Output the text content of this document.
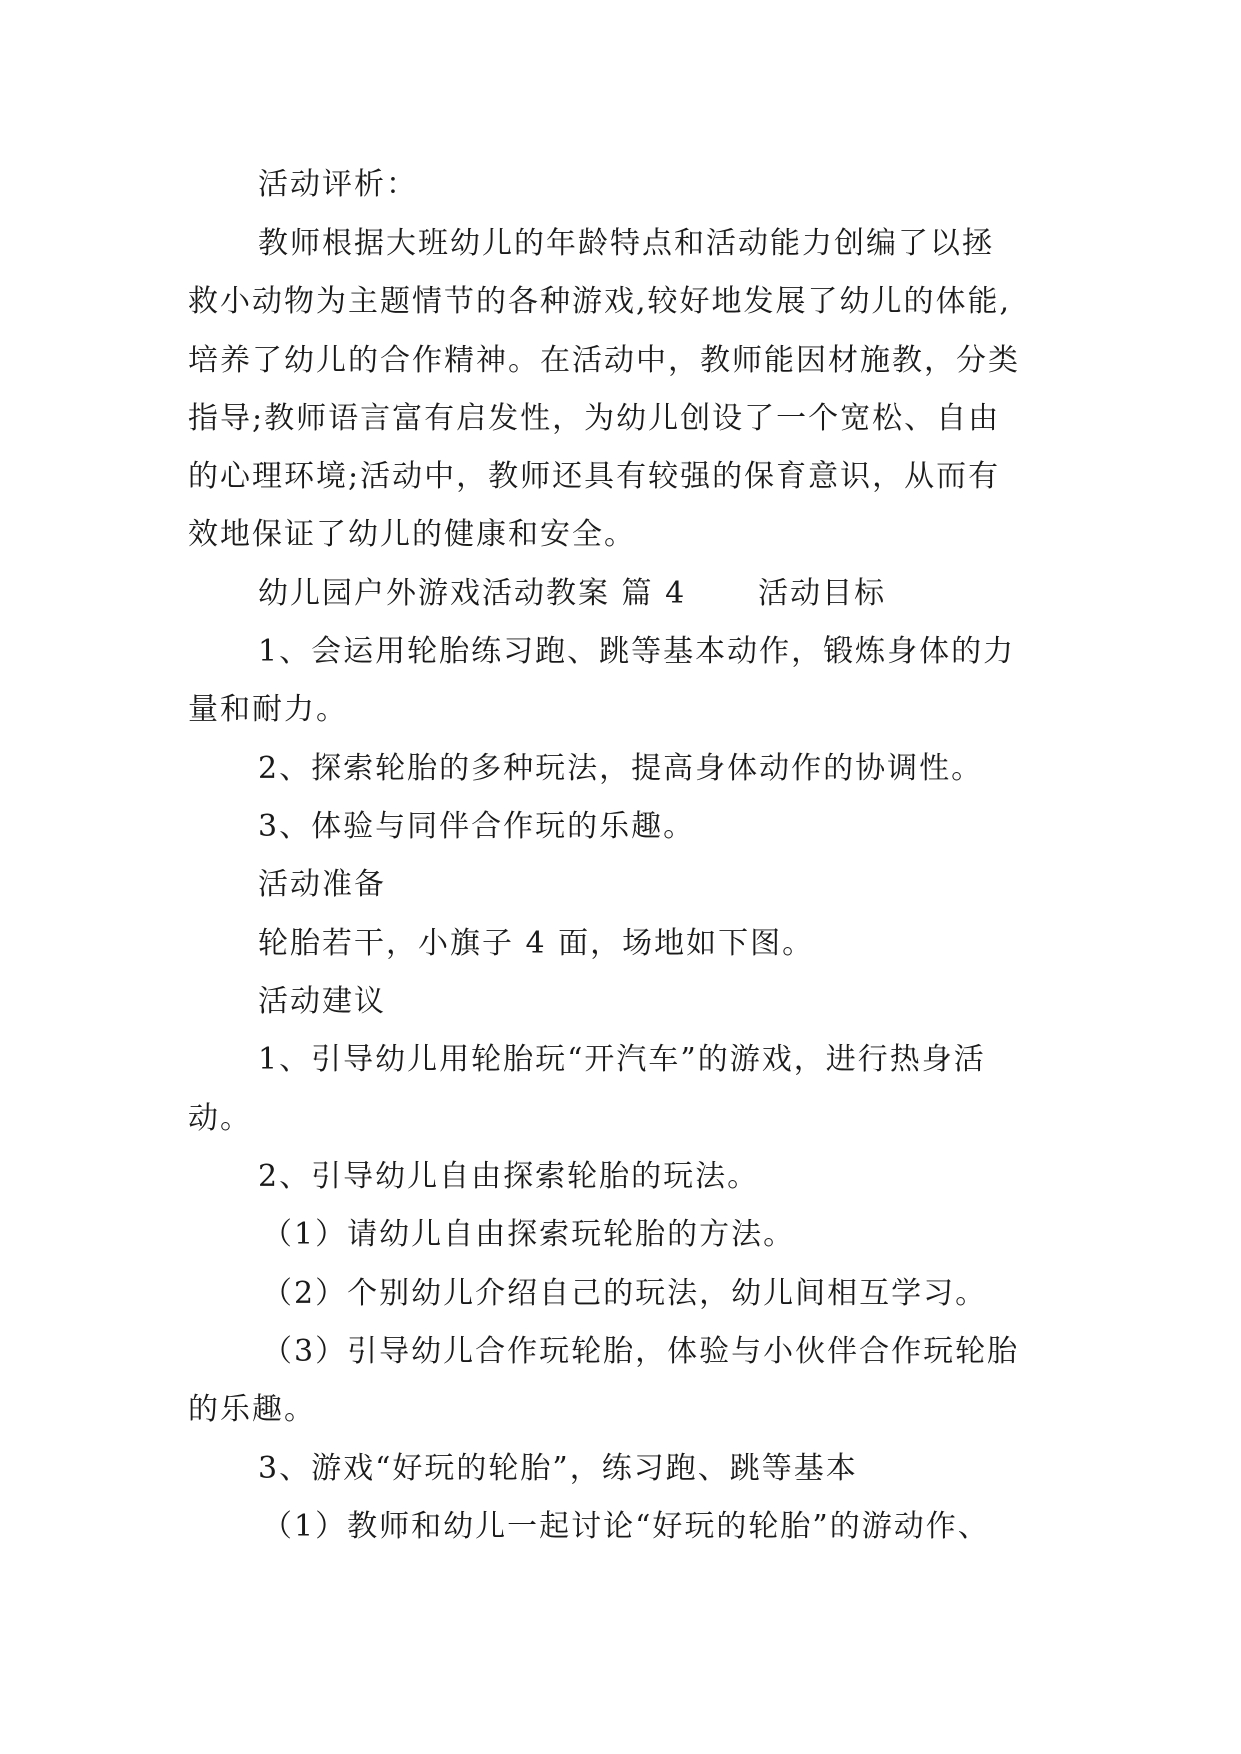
活动评析：
教师根据大班幼儿的年龄特点和活动能力创编了以拯
救小动物为主题情节的各种游戏,较好地发展了幼儿的体能,
培养了幼儿的合作精神。在活动中，教师能因材施教，分类
指导;教师语言富有启发性，为幼儿创设了一个宽松、自由
的心理环境;活动中，教师还具有较强的保育意识，从而有
效地保证了幼儿的健康和安全。
幼儿园户外游戏活动教案 篇 4 活动目标
1、会运用轮胎练习跑、跳等基本动作，锻炼身体的力
量和耐力。
2、探索轮胎的多种玩法，提高身体动作的协调性。
3、体验与同伴合作玩的乐趣。
活动准备
轮胎若干，小旗子 4 面，场地如下图。
活动建议
1、引导幼儿用轮胎玩“开汽车”的游戏，进行热身活
动。
2、引导幼儿自由探索轮胎的玩法。
（1）请幼儿自由探索玩轮胎的方法。
（2）个别幼儿介绍自己的玩法，幼儿间相互学习。
（3）引导幼儿合作玩轮胎，体验与小伙伴合作玩轮胎
的乐趣。
3、游戏“好玩的轮胎”，练习跑、跳等基本
（1）教师和幼儿一起讨论“好玩的轮胎”的游动作、
